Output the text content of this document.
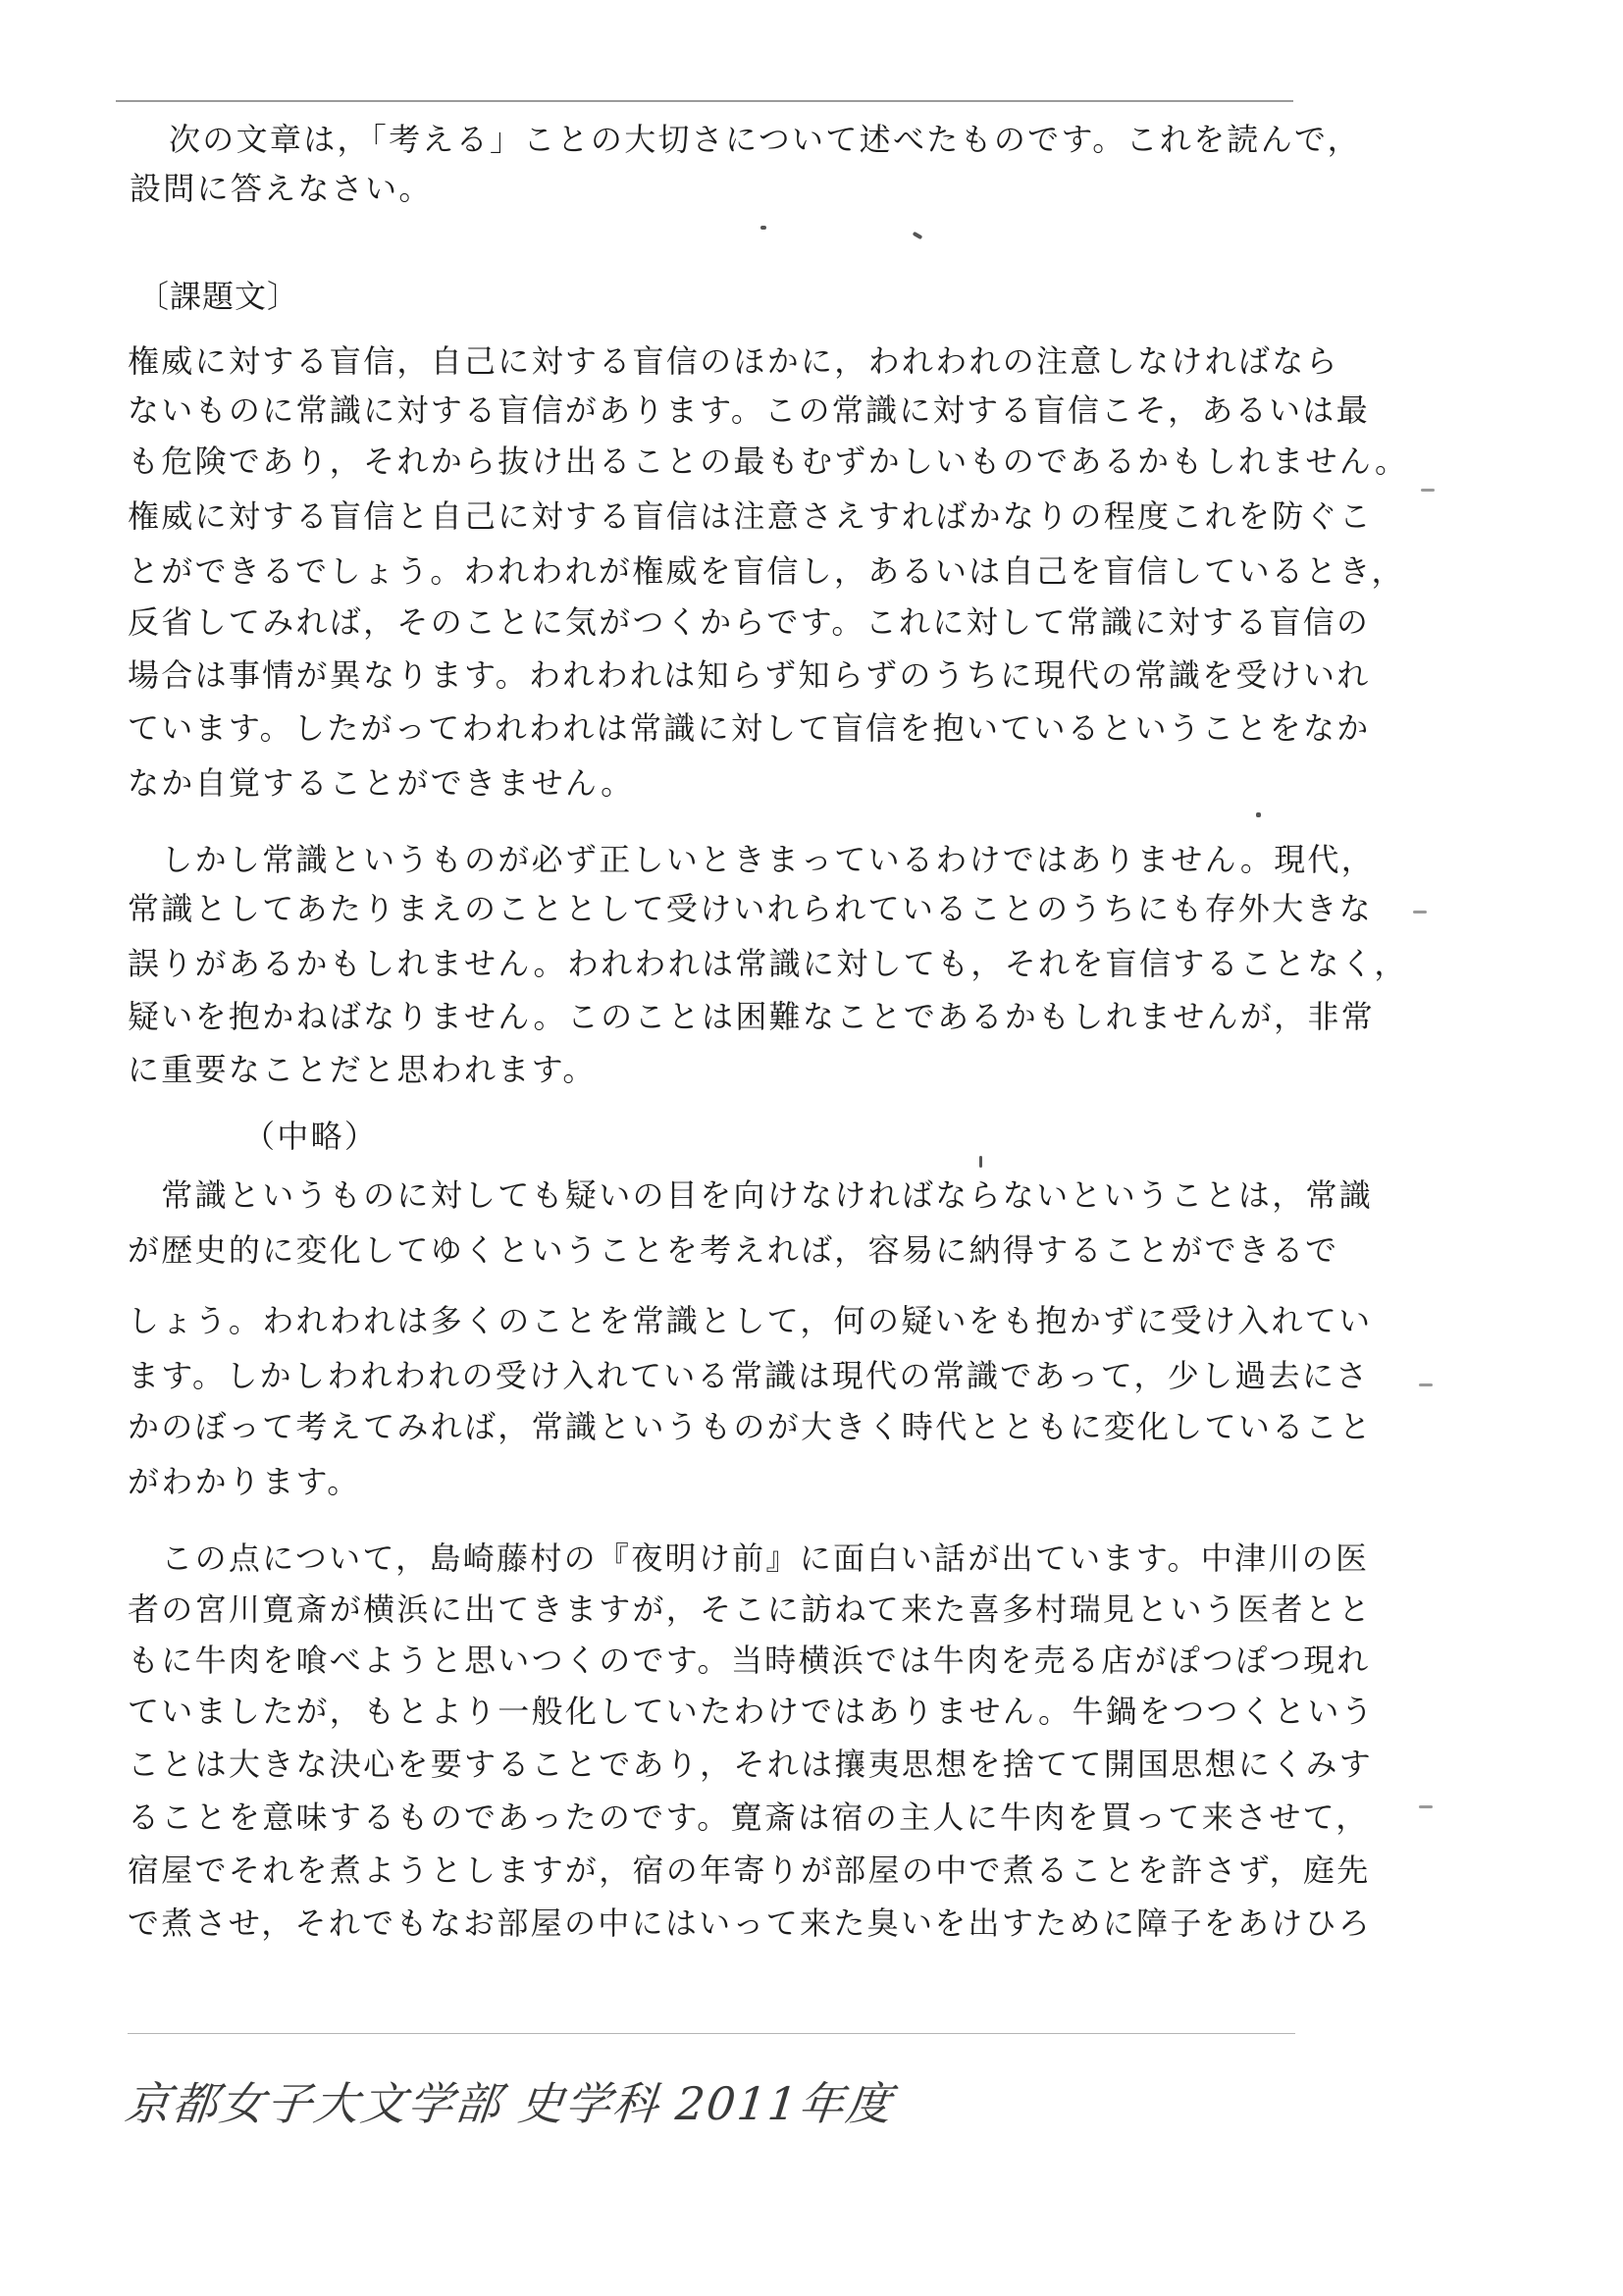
次の文章は，「考える」ことの大切さについて述べたものです。これを読んで，
設問に答えなさい。
〔課題文〕
権威に対する盲信，自己に対する盲信のほかに，われわれの注意しなければなら
ないものに常識に対する盲信があります。この常識に対する盲信こそ，あるいは最
も危険であり，それから抜け出ることの最もむずかしいものであるかもしれません。
権威に対する盲信と自己に対する盲信は注意さえすればかなりの程度これを防ぐこ
とができるでしょう。われわれが権威を盲信し，あるいは自己を盲信しているとき，
反省してみれば，そのことに気がつくからです。これに対して常識に対する盲信の
場合は事情が異なります。われわれは知らず知らずのうちに現代の常識を受けいれ
ています。したがってわれわれは常識に対して盲信を抱いているということをなか
なか自覚することができません。
　しかし常識というものが必ず正しいときまっているわけではありません。現代，
常識としてあたりまえのこととして受けいれられていることのうちにも存外大きな
誤りがあるかもしれません。われわれは常識に対しても，それを盲信することなく，
疑いを抱かねばなりません。このことは困難なことであるかもしれませんが，非常
に重要なことだと思われます。
（中略）
　常識というものに対しても疑いの目を向けなければならないということは，常識
が歴史的に変化してゆくということを考えれば，容易に納得することができるで
しょう。われわれは多くのことを常識として，何の疑いをも抱かずに受け入れてい
ます。しかしわれわれの受け入れている常識は現代の常識であって，少し過去にさ
かのぼって考えてみれば，常識というものが大きく時代とともに変化していること
がわかります。
　この点について，島崎藤村の『夜明け前』に面白い話が出ています。中津川の医
者の宮川寛斎が横浜に出てきますが，そこに訪ねて来た喜多村瑞見という医者とと
もに牛肉を喰べようと思いつくのです。当時横浜では牛肉を売る店がぽつぽつ現れ
ていましたが，もとより一般化していたわけではありません。牛鍋をつつくという
ことは大きな決心を要することであり，それは攘夷思想を捨てて開国思想にくみす
ることを意味するものであったのです。寛斎は宿の主人に牛肉を買って来させて，
宿屋でそれを煮ようとしますが，宿の年寄りが部屋の中で煮ることを許さず，庭先
で煮させ，それでもなお部屋の中にはいって来た臭いを出すために障子をあけひろ
京都女子大文学部 史学科 2011年度
